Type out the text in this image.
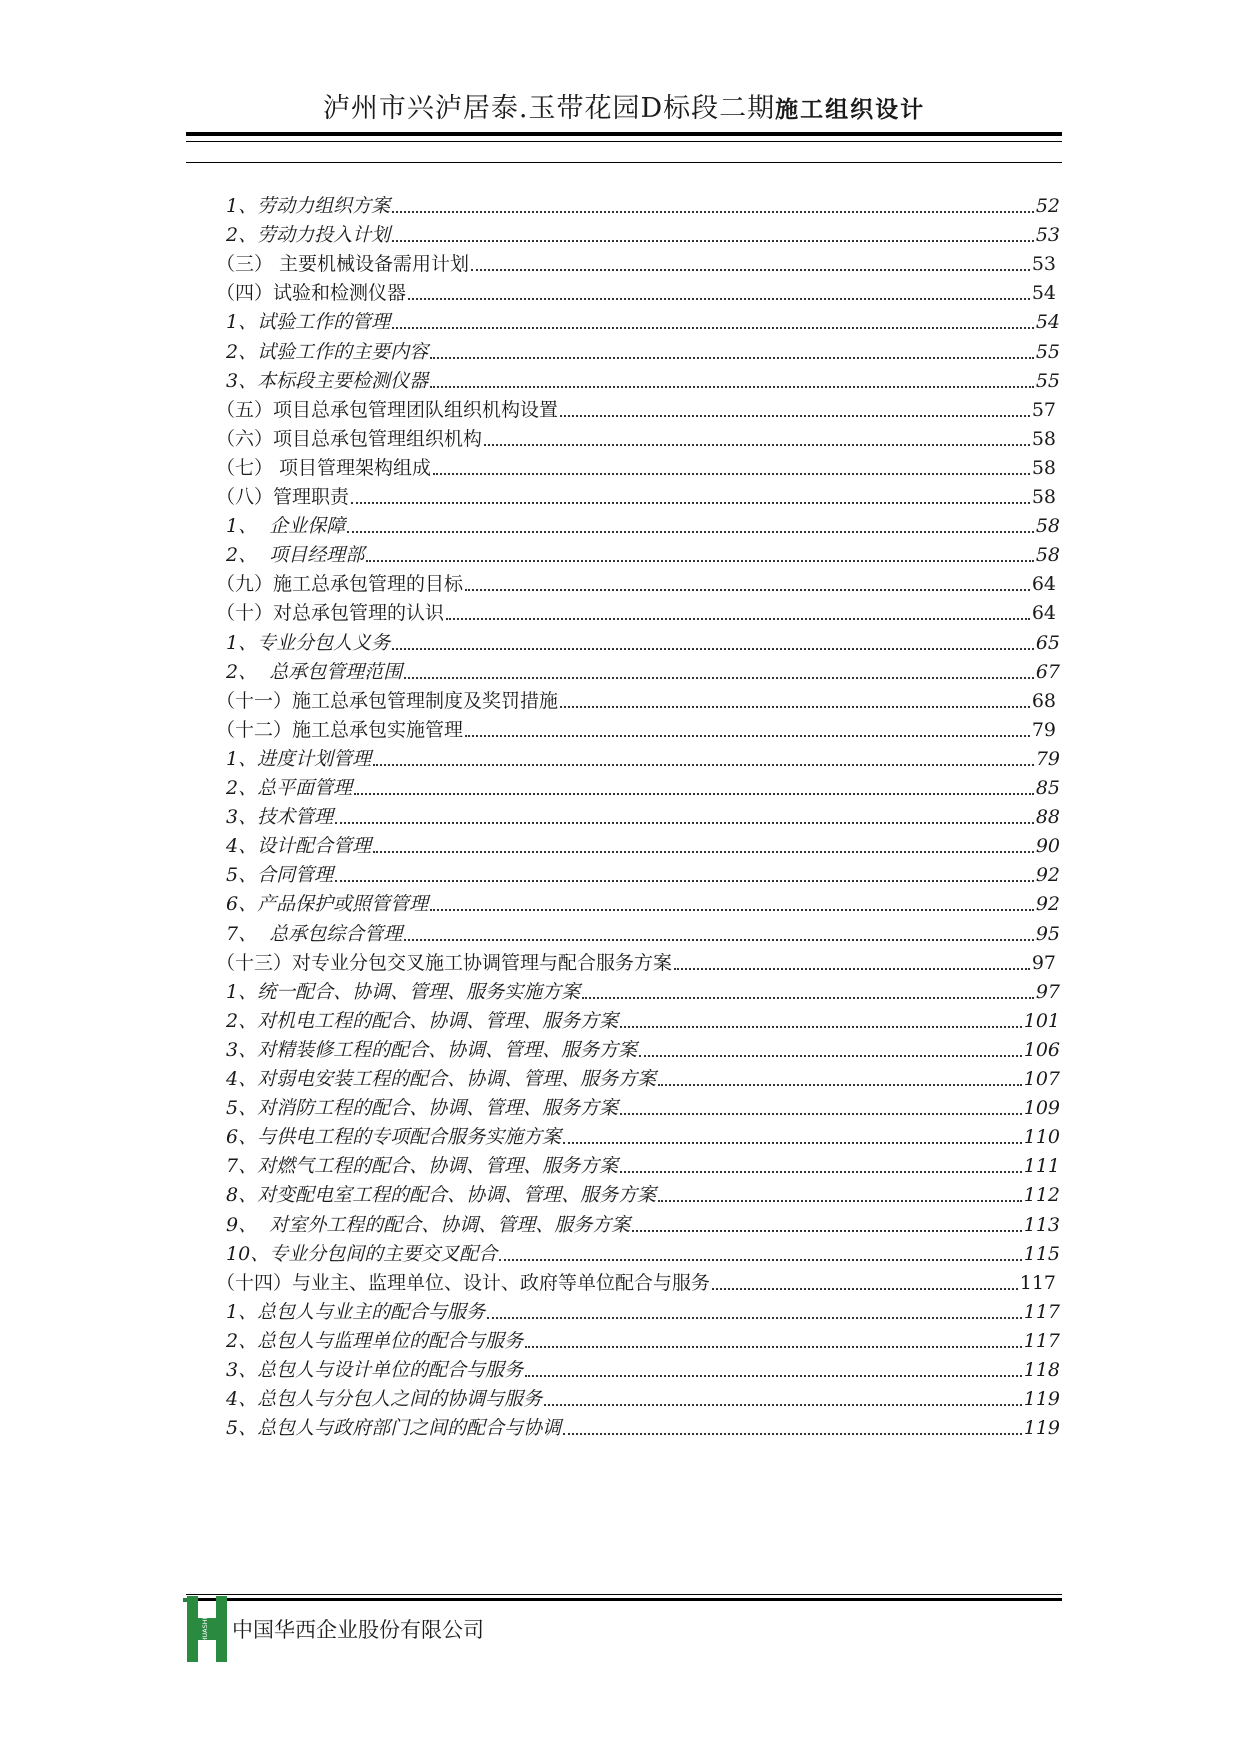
泸州市兴泸居泰.玉带花园D标段二期施工组织设计
1、劳动力组织方案	52
2、劳动力投入计划	53
（三） 主要机械设备需用计划	53
（四）试验和检测仪器	54
1、试验工作的管理	54
2、试验工作的主要内容	55
3、本标段主要检测仪器	55
（五）项目总承包管理团队组织机构设置	57
（六）项目总承包管理组织机构	58
（七） 项目管理架构组成	58
（八）管理职责	58
1、  企业保障	58
2、  项目经理部	58
（九）施工总承包管理的目标	64
（十）对总承包管理的认识	64
1、专业分包人义务	65
2、  总承包管理范围	67
（十一）施工总承包管理制度及奖罚措施	68
（十二）施工总承包实施管理	79
1、进度计划管理	79
2、总平面管理	85
3、技术管理	88
4、设计配合管理	90
5、合同管理	92
6、产品保护或照管管理	92
7、  总承包综合管理	95
（十三）对专业分包交叉施工协调管理与配合服务方案	97
1、统一配合、协调、管理、服务实施方案	97
2、对机电工程的配合、协调、管理、服务方案	101
3、对精装修工程的配合、协调、管理、服务方案	106
4、对弱电安装工程的配合、协调、管理、服务方案	107
5、对消防工程的配合、协调、管理、服务方案	109
6、与供电工程的专项配合服务实施方案	110
7、对燃气工程的配合、协调、管理、服务方案	111
8、对变配电室工程的配合、协调、管理、服务方案	112
9、  对室外工程的配合、协调、管理、服务方案	113
10、专业分包间的主要交叉配合	115
（十四）与业主、监理单位、设计、政府等单位配合与服务	117
1、总包人与业主的配合与服务	117
2、总包人与监理单位的配合与服务	117
3、总包人与设计单位的配合与服务	118
4、总包人与分包人之间的协调与服务	119
5、总包人与政府部门之间的配合与协调	119
HUASHI 中国华西企业股份有限公司
